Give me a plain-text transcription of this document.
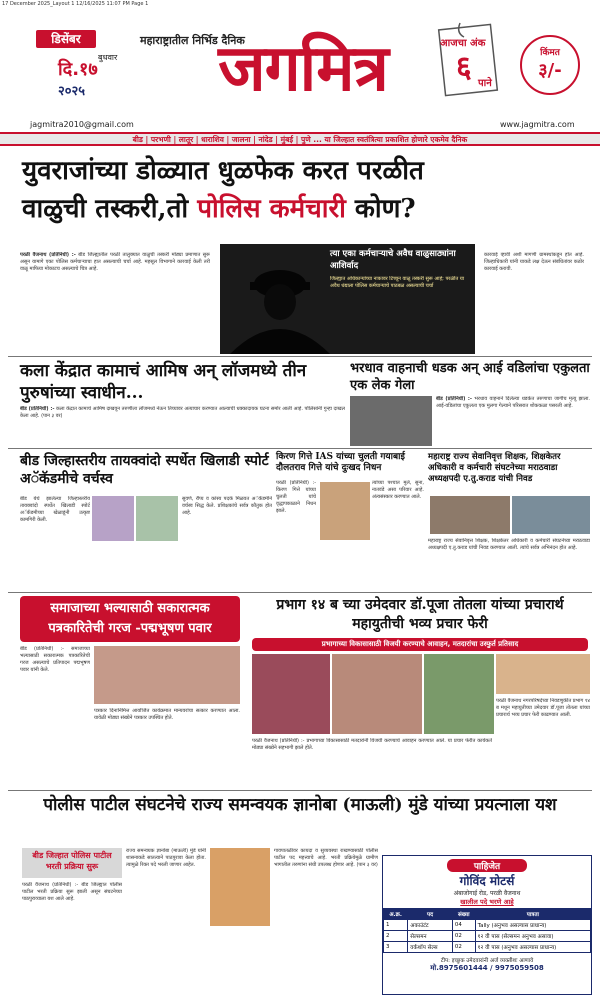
17 December 2025_Layout 1 12/16/2025 11:07 PM Page 1
डिसेंबर
बुधवार
दि.१७
२०२५
महाराष्ट्रातील निर्भिड दैनिक
जगमित्र	आजचा अंक
६ पाने
किंमत
३/-
jagmitra2010@gmail.com	www.jagmitra.com
बीड | परभणी | लातूर | धाराशिव | जालना | नांदेड | मुंबई | पुणे ... या जिल्हात स्वतंत्रित्या प्रकाशित होणारे एकमेव दैनिक
युवराजांच्या डोळ्यात धुळफेक करत परळीत
वाळुची तस्करी,तो पोलिस कर्मचारी कोण?
परळी वैजनाथ (प्रतिनिधी) :- बीड जिल्ह्यातील परळी तालुक्यात वाळुची तस्करी मोठ्या प्रमाणात सुरू असून यामागे एका पोलिस कर्मचाऱ्याचा हात असल्याची चर्चा आहे. महसूल विभागाने कारवाई केली तरी वाळू माफिया मोकाटच असल्याचे चित्र आहे.
त्या एका कर्मचाऱ्याचे अवैध वाळुसाठ्यांना आशिर्वाद
जिल्ह्यात अधिकाऱ्यांच्या नाकावर टिच्चून वाळू तस्करी सुरू आहे; परळीत या अवैध धंद्याला पोलिस कर्मचाऱ्याचे पाठबळ असल्याची चर्चा
कारवाई व्हावी अशी मागणी ग्रामस्थांकडून होत आहे. जिल्हाधिकारी यांनी याकडे लक्ष देऊन संबंधितांवर कठोर कारवाई करावी.
कला केंद्रात कामाचं आमिष अन् लॉजमध्ये तीन पुरुषांच्या स्वाधीन...
बीड (प्रतिनिधी) :- कला केंद्रात कामाचे आमिष दाखवून तरुणीला लॉजमध्ये नेऊन तिच्यावर अत्याचार करण्यात आल्याची धक्कादायक घटना समोर आली आहे. पोलिसांनी गुन्हा दाखल केला आहे. (पान ३ वर)
भरधाव वाहनाची धडक अन् आई वडिलांचा एकुलता एक लेक गेला
बीड (प्रतिनिधी) :- भरधाव वाहनाने दिलेल्या धडकेत तरुणाचा जागीच मृत्यू झाला. आई-वडिलांचा एकुलता एक मुलगा गेल्याने परिसरात शोककळा पसरली आहे.
बीड जिल्हास्तरीय तायक्वांदो स्पर्धेत खिलाडी स्पोर्ट अॅकॅडमीचे वर्चस्व
बीड येथे झालेल्या जिल्हास्तरीय तायक्वांदो स्पर्धेत खिलाडी स्पोर्ट अॅकॅडमीच्या खेळाडूंनी उत्कृष्ट कामगिरी केली.
सुवर्ण, रौप्य व कांस्य पदके मिळवत अॅकॅडमीने वर्चस्व सिद्ध केले. प्रशिक्षकांचे सर्वत्र कौतुक होत आहे.
किरण गित्ते IAS यांच्या चुलती गयाबाई दौलतराव गित्ते यांचे दुःखद निधन
परळी (प्रतिनिधी) :- किरण गित्ते यांच्या चुलती यांचे वृद्धापकाळाने निधन झाले.
त्यांच्या पश्चात मुले, सुना, नातवंडे असा परिवार आहे. अंत्यसंस्कार करण्यात आले.
महाराष्ट्र राज्य सेवानिवृत्त शिक्षक, शिक्षकेतर अधिकारी व कर्मचारी संघटनेच्या मराठवाडा अध्यक्षपदी ए.तु.कराड यांची निवड
महाराष्ट्र राज्य सेवानिवृत्त शिक्षक, शिक्षकेतर अधिकारी व कर्मचारी संघटनेच्या मराठवाडा अध्यक्षपदी ए.तु.कराड यांची निवड करण्यात आली. त्यांचे सर्वत्र अभिनंदन होत आहे.
समाजाच्या भल्यासाठी सकारात्मक पत्रकारितेची गरज -पद्मभूषण पवार
बीड (प्रतिनिधी) :- समाजाच्या भल्यासाठी सकारात्मक पत्रकारितेची गरज असल्याचे प्रतिपादन पद्मभूषण पवार यांनी केले.
पत्रकार दिनानिमित्त आयोजित कार्यक्रमात मान्यवरांचा सत्कार करण्यात आला. यावेळी मोठ्या संख्येने पत्रकार उपस्थित होते.
प्रभाग १४ ब च्या उमेदवार डॉ.पूजा तोतला यांच्या प्रचारार्थ महायुतीची भव्य प्रचार फेरी
प्रभागाच्या विकासासाठी विजयी करण्याचे आवाहन, मतदारांचा उस्फुर्त प्रतिसाद
परळी वैजनाथ नगरपरिषदेच्या निवडणुकीत प्रभाग १४ ब मधून महायुतीच्या उमेदवार डॉ.पूजा तोतला यांच्या प्रचारार्थ भव्य प्रचार फेरी काढण्यात आली.
परळी वैजनाथ (प्रतिनिधी) :- प्रभागाच्या विकासासाठी मतदारांनी विजयी करण्याचे आवाहन करण्यात आले. या प्रचार फेरीत कार्यकर्ते मोठ्या संख्येने सहभागी झाले होते.
पोलीस पाटील संघटनेचे राज्य समन्वयक ज्ञानोबा (माऊली) मुंडे यांच्या प्रयत्नाला यश
बीड जिल्हात पोलिस पाटील भरती प्रक्रिया सुरू
परळी वैजनाथ (प्रतिनिधी) :- बीड जिल्ह्यात पोलीस पाटील भरती प्रक्रिया सुरू झाली असून संघटनेच्या पाठपुराव्याला यश आले आहे.
राज्य समन्वयक ज्ञानोबा (माऊली) मुंडे यांनी शासनाकडे सातत्याने पाठपुरावा केला होता. त्यामुळे रिक्त पदे भरली जाणार आहेत.
गावपातळीवर कायदा व सुव्यवस्था राखण्यासाठी पोलीस पाटील पद महत्त्वाचे आहे. भरती प्रक्रियेमुळे ग्रामीण भागातील तरुणांना संधी उपलब्ध होणार आहे. (पान ३ वर)	पाहिजेत
गोविंद मोटर्स
अंबाजोगाई रोड, परळी वैजनाथ
खालील पदे भरणे आहे
अ.क्र.	पद	संख्या	पात्रता
1	अकाउंटंट	04	Tally (अनुभव असल्यास प्राधान्य)
2	सेल्समन	02	१२ वी पास (सेल्समन अनुभव असावा)
3	वर्कशॉप सेल्स	02	१२ वी पास (अनुभव असल्यास प्राधान्य)
टीप: इच्छुक उमेदवारांनी अर्ज व्यक्तीशः आणावे
मो.8975601444 / 9975059508
